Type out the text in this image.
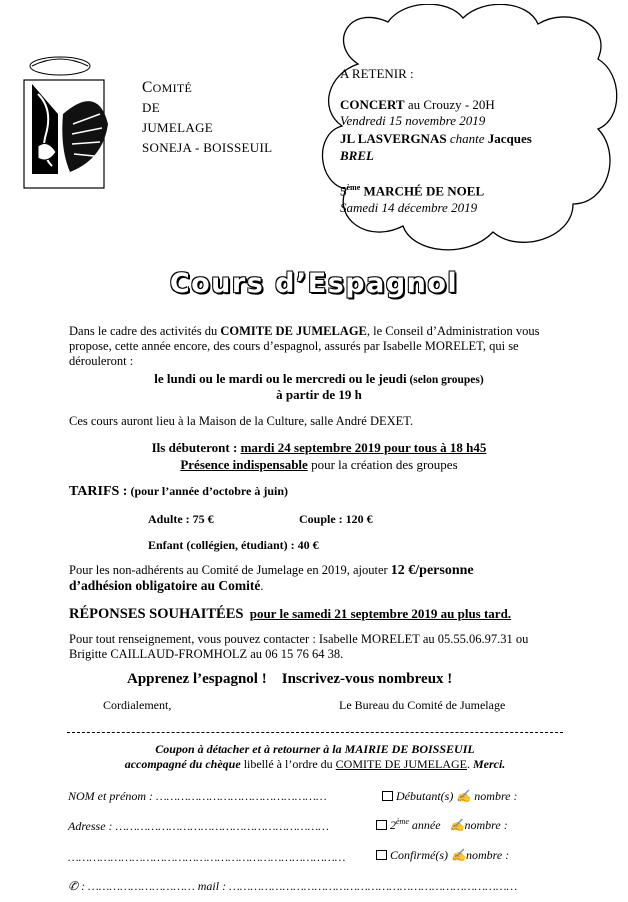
COMITÉ
DE
JUMELAGE
SONEJA - BOISSEUIL
A RETENIR :
CONCERT au Crouzy - 20H
Vendredi 15 novembre 2019
JL LASVERGNAS chante Jacques
BREL
5ème MARCHÉ DE NOEL
Samedi 14 décembre 2019
Cours d’Espagnol
Dans le cadre des activités du COMITE DE JUMELAGE, le Conseil d’Administration vous propose, cette année encore, des cours d’espagnol, assurés par Isabelle MORELET, qui se dérouleront :
le lundi ou le mardi ou le mercredi ou le jeudi (selon groupes)
à partir de 19 h
Ces cours auront lieu à la Maison de la Culture, salle André DEXET.
Ils débuteront : mardi 24 septembre 2019 pour tous à 18 h45
Présence indispensable pour la création des groupes
TARIFS : (pour l’année d’octobre à juin)
Adulte : 75 €	Couple : 120 €
Enfant (collégien, étudiant) : 40 €
Pour les non-adhérents au Comité de Jumelage en 2019, ajouter 12 €/personne
d’adhésion obligatoire au Comité.
RÉPONSES SOUHAITÉES pour le samedi 21 septembre 2019 au plus tard.
Pour tout renseignement, vous pouvez contacter : Isabelle MORELET au 05.55.06.97.31 ou
Brigitte CAILLAUD-FROMHOLZ au 06 15 76 64 38.
Apprenez l’espagnol ! Inscrivez-vous nombreux !
Cordialement,	Le Bureau du Comité de Jumelage
Coupon à détacher et à retourner à la MAIRIE DE BOISSEUIL
accompagné du chèque libellé à l’ordre du COMITE DE JUMELAGE. Merci.
NOM et prénom : …………………………………………	Débutant(s) ✍ nombre :
Adresse : ……………………………………………………	2ème année ✍nombre :
……………………………………………………………………	Confirmé(s) ✍nombre :
✆ : ………………………… mail : ………………………………………………………………………
